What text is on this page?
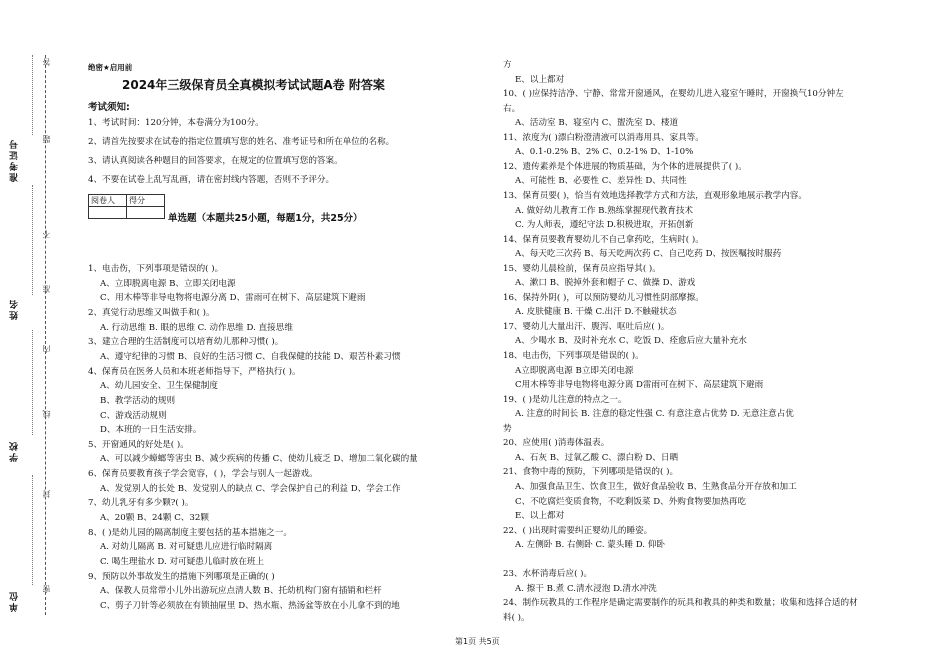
准考证号
姓名
学校
单位
密
封
线
内
不
准
答
题
绝密★启用前
2024年三级保育员全真模拟考试试题A卷 附答案
考试须知:
1、考试时间：120分钟，本卷满分为100分。
2、请首先按要求在试卷的指定位置填写您的姓名、准考证号和所在单位的名称。
3、请认真阅读各种题目的回答要求，在规定的位置填写您的答案。
4、不要在试卷上乱写乱画，请在密封线内答题，否则不予评分。
阅卷人	得分

单选题（本题共25小题，每题1分，共25分）
1、电击伤，下列事项是错误的( )。
A、立即脱离电源 B、立即关闭电源
C、用木棒等非导电物将电源分离 D、雷雨可在树下、高层建筑下避雨
2、真觉行动思维又叫做手和( )。
A. 行动思维 B. 眼的思维 C. 动作思维 D. 直接思维
3、建立合理的生活制度可以培育幼儿那种习惯( )。
A、遵守纪律的习惯 B、良好的生活习惯 C、自我保健的技能 D、艰苦朴素习惯
4、保育员在医务人员和本班老师指导下，严格执行( )。
A、幼儿园安全、卫生保健制度
B、教学活动的规则
C、游戏活动规则
D、本班的一日生活安排。
5、开窗通风的好处是( )。
A、可以减少蟑螂等害虫 B、减少疾病的传播 C、使幼儿疲乏 D、增加二氧化碳的量
6、保育员要教育孩子学会宽容，( )，学会与别人一起游戏。
A、发觉别人的长处 B、发觉别人的缺点 C、学会保护自己的利益 D、学会工作
7、幼儿乳牙有多少颗?( )。
A、20颗 B、24颗 C、32颗
8、( )是幼儿园的隔离制度主要包括的基本措施之一。
A. 对幼儿隔离 B. 对可疑患儿应进行临时隔离
C. 喝生理盐水 D. 对可疑患儿临时放在班上
9、预防以外事故发生的措施下列哪项是正确的( )
A、保教人员常带小儿外出游玩应点清人数 B、托幼机构门窗有插销和栏杆
C、剪子刀针等必须放在有锁抽屉里 D、热水瓶、热汤盆等放在小儿拿不到的地
方
E、以上都对
10、( )应保持洁净、宁静、常常开窗通风，在婴幼儿进入寝室午睡时，开窗换气10分钟左
右。
A、活动室 B、寝室内 C、盥洗室 D、楼道
11、浓度为( )漂白粉澄清液可以消毒用具、家具等。
A、0.1-0.2% B、2% C、0.2-1% D、1-10%
12、遗传素养是个体进展的物质基础，为个体的进展提供了( )。
A、可能性 B、必要性 C、差异性 D、共同性
13、保育员要( )，恰当有效地选择教学方式和方法，直观形象地展示教学内容。
A. 做好幼儿教育工作 B.熟练掌握现代教育技术
C. 为人师表，遵纪守法 D.积极进取，开拓创新
14、保育员要教育婴幼儿不自己拿药吃，生病时( )。
A、每天吃三次药 B、每天吃两次药 C、自己吃药 D、按医嘱按时服药
15、婴幼儿晨检前，保育员应指导其( )。
A、漱口 B、脱掉外套和帽子 C、做操 D、游戏
16、保持外阴( )，可以预防婴幼儿习惯性阴部摩擦。
A. 皮肤健康 B. 干燥 C.出汗 D.不触碰状态
17、婴幼儿大量出汗、腹泻、呕吐后应( )。
A、少喝水 B、及时补充水 C、吃饭 D、痊愈后应大量补充水
18、电击伤，下列事项是错误的( )。
A立即脱离电源 B立即关闭电源
C用木棒等非导电物将电源分离 D雷雨可在树下、高层建筑下避雨
19、( )是幼儿注意的特点之一。
A. 注意的时间长 B. 注意的稳定性强 C. 有意注意占优势 D. 无意注意占优
势
20、应使用( )消毒体温表。
A、石灰 B、过氧乙酸 C、漂白粉 D、日晒
21、食物中毒的预防，下列哪项是错误的( )。
A、加强食品卫生、饮食卫生，做好食品验收 B、生熟食品分开存放和加工
C、不吃腐烂变质食物，不吃剩饭菜 D、外购食物要加热再吃
E、以上都对
22、( )出现时需要纠正婴幼儿的睡姿。
A. 左侧卧 B. 右侧卧 C. 蒙头睡 D. 仰卧
23、水杯消毒后应( )。
A. 擦干 B.煮 C.清水浸泡 D.清水冲洗
24、制作玩教具的工作程序是确定需要制作的玩具和教具的种类和数量；收集和选择合适的材
料( )。
第1页 共5页
